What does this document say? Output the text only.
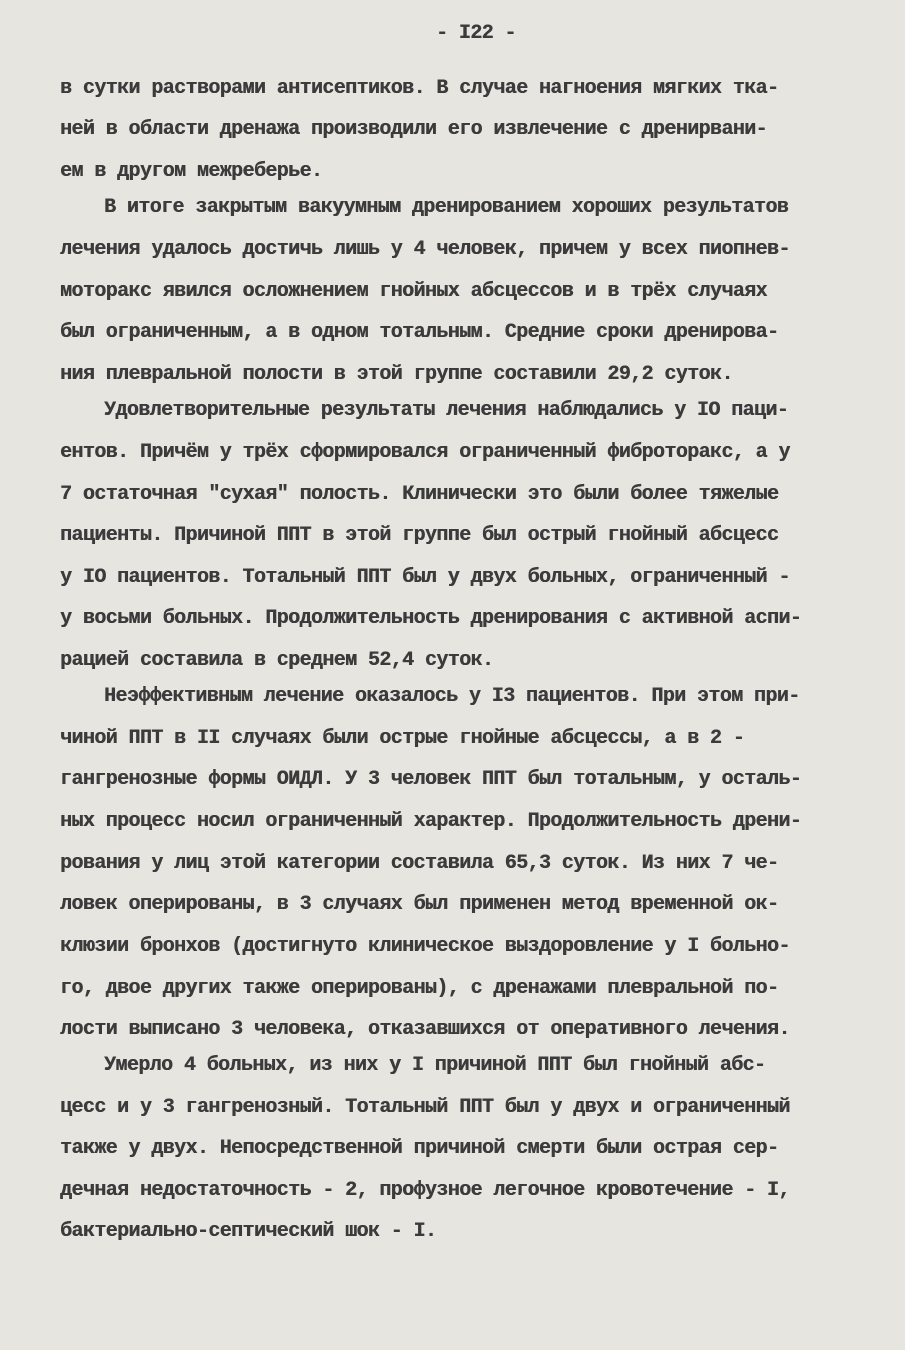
- I22 -
в сутки растворами антисептиков. В случае нагноения мягких тка-
ней в области дренажа производили его извлечение с дренирвани-
ем в другом межреберье.
В итоге закрытым вакуумным дренированием хороших результатов
лечения удалось достичь лишь у 4 человек, причем у всех пиопнев-
моторакс явился осложнением гнойных абсцессов и в трёх случаях
был ограниченным, а в одном тотальным. Средние сроки дренирова-
ния плевральной полости в этой группе составили 29,2 суток.
Удовлетворительные результаты лечения наблюдались у IO паци-
ентов. Причём у трёх сформировался ограниченный фиброторакс, а у
7 остаточная "сухая" полость. Клинически это были более тяжелые
пациенты. Причиной ППТ в этой группе был острый гнойный абсцесс
у IO пациентов. Тотальный ППТ был у двух больных, ограниченный -
у восьми больных. Продолжительность дренирования с активной аспи-
рацией составила в среднем 52,4 суток.
Неэффективным лечение оказалось у I3 пациентов. При этом при-
чиной ППТ в II случаях были острые гнойные абсцессы, а в 2 -
гангренозные формы ОИДЛ. У 3 человек ППТ был тотальным, у осталь-
ных процесс носил ограниченный характер. Продолжительность дрени-
рования у лиц этой категории составила 65,3 суток. Из них 7 че-
ловек оперированы, в 3 случаях был применен метод временной ок-
клюзии бронхов (достигнуто клиническое выздоровление у I больно-
го, двое других также оперированы), с дренажами плевральной по-
лости выписано 3 человека, отказавшихся от оперативного лечения.
Умерло 4 больных, из них у I причиной ППТ был гнойный абс-
цесс и у 3 гангренозный. Тотальный ППТ был у двух и ограниченный
также у двух. Непосредственной причиной смерти были острая сер-
дечная недостаточность - 2, профузное легочное кровотечение - I,
бактериально-септический шок - I.
